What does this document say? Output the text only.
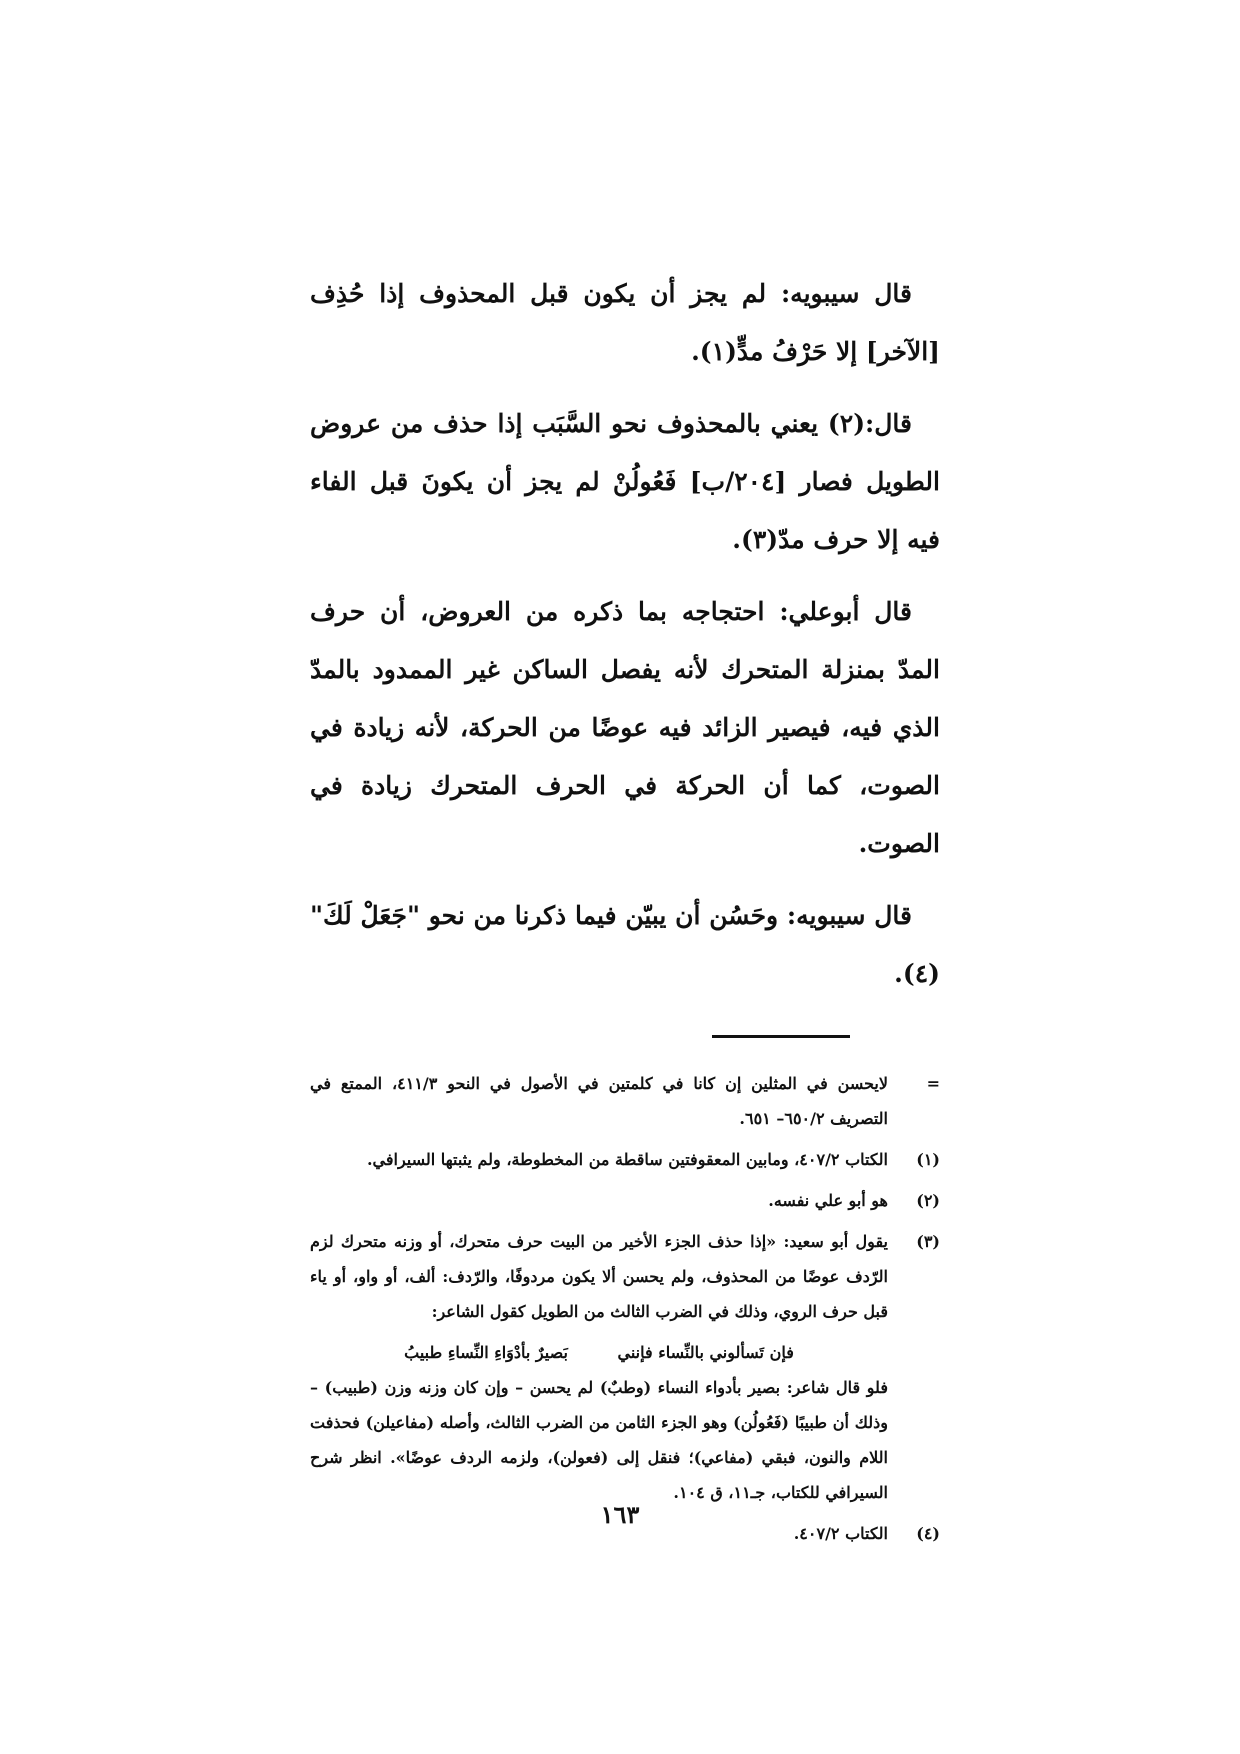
قال سيبويه: لم يجز أن يكون قبل المحذوف إذا حُذِف [الآخر] إلا حَرْفُ مدٍّ(١).

قال:(٢) يعني بالمحذوف نحو السَّبَب إذا حذف من عروض الطويل فصار [٢٠٤/ب] فَعُولُنْ لم يجز أن يكونَ قبل الفاء فيه إلا حرف مدّ(٣).

قال أبوعلي: احتجاجه بما ذكره من العروض، أن حرف المدّ بمنزلة المتحرك لأنه يفصل الساكن غير الممدود بالمدّ الذي فيه، فيصير الزائد فيه عوضًا من الحركة، لأنه زيادة في الصوت، كما أن الحركة في الحرف المتحرك زيادة في الصوت.

قال سيبويه: وحَسُن أن يبيّن فيما ذكرنا من نحو "جَعَلْ لَكَ"(٤).

=
لايحسن في المثلين إن كانا في كلمتين في الأصول في النحو ٤١١/٣، الممتع في التصريف ٦٥٠/٢– ٦٥١.
(١)
الكتاب ٤٠٧/٢، ومابين المعقوفتين ساقطة من المخطوطة، ولم يثبتها السيرافي.
(٢)
هو أبو علي نفسه.
(٣)
يقول أبو سعيد: «إذا حذف الجزء الأخير من البيت حرف متحرك، أو وزنه متحرك لزم الرّدف عوضًا من المحذوف، ولم يحسن ألا يكون مردوفًا، والرّدف: ألف، أو واو، أو ياء قبل حرف الروي، وذلك في الضرب الثالث من الطويل كقول الشاعر:
فإن تَسألوني بالنِّساء فإنني بَصيرٌ بأدْوَاءِ النِّساءِ طبيبُ
فلو قال شاعر: بصير بأدواء النساء (وطبٌ) لم يحسن – وإن كان وزنه وزن (طبيب) – وذلك أن طبيبًا (فَعُولُن) وهو الجزء الثامن من الضرب الثالث، وأصله (مفاعيلن) فحذفت اللام والنون، فبقي (مفاعي)؛ فنقل إلى (فعولن)، ولزمه الردف عوضًا». انظر شرح السيرافي للكتاب، جـ١١، ق ١٠٤.
(٤)
الكتاب ٤٠٧/٢.
١٦٣
